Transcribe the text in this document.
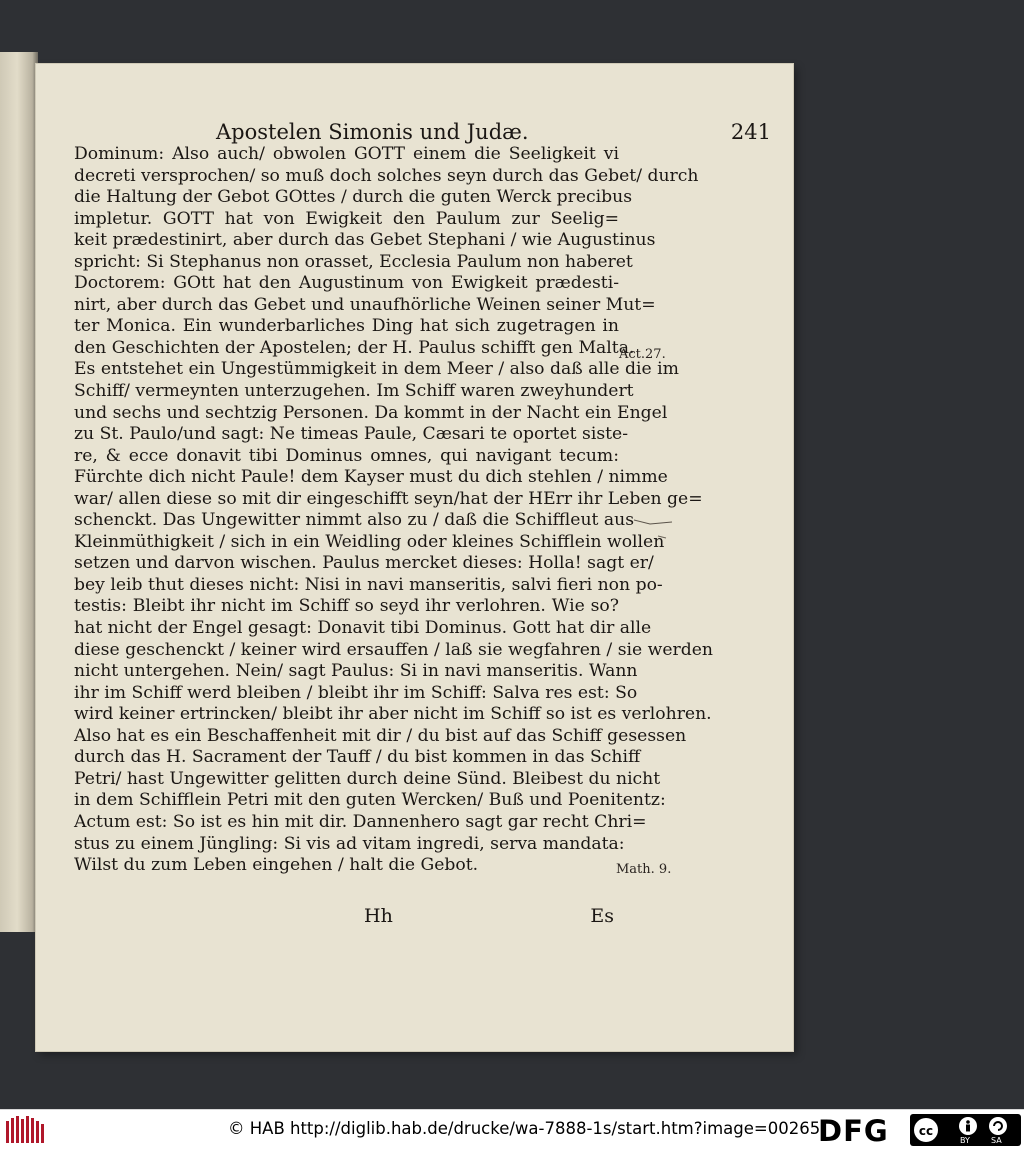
Apostelen Simonis und Judæ.	241
Dominum: Also auch/ obwolen GOTT einem die Seeligkeit vi
decreti versprochen/ so muß doch solches seyn durch das Gebet/ durch
die Haltung der Gebot GOttes / durch die guten Werck precibus
impletur. GOTT hat von Ewigkeit den Paulum zur Seelig=
keit prædestinirt, aber durch das Gebet Stephani / wie Augustinus
spricht: Si Stephanus non orasset, Ecclesia Paulum non haberet
Doctorem: GOtt hat den Augustinum von Ewigkeit prædesti-
nirt, aber durch das Gebet und unaufhörliche Weinen seiner Mut=
ter Monica. Ein wunderbarliches Ding hat sich zugetragen in
den Geschichten der Apostelen; der H. Paulus schifft gen Malta.
Es entstehet ein Ungestümmigkeit in dem Meer / also daß alle die im
Schiff/ vermeynten unterzugehen. Im Schiff waren zweyhundert
und sechs und sechtzig Personen. Da kommt in der Nacht ein Engel
zu St. Paulo/und sagt: Ne timeas Paule, Cæsari te oportet siste-
re, & ecce donavit tibi Dominus omnes, qui navigant tecum:
Fürchte dich nicht Paule! dem Kayser must du dich stehlen / nimme
war/ allen diese so mit dir eingeschifft seyn/hat der HErr ihr Leben ge=
schenckt. Das Ungewitter nimmt also zu / daß die Schiffleut aus
Kleinmüthigkeit / sich in ein Weidling oder kleines Schifflein wollen
setzen und darvon wischen. Paulus mercket dieses: Holla! sagt er/
bey leib thut dieses nicht: Nisi in navi manseritis, salvi fieri non po-
testis: Bleibt ihr nicht im Schiff so seyd ihr verlohren. Wie so?
hat nicht der Engel gesagt: Donavit tibi Dominus. Gott hat dir alle
diese geschenckt / keiner wird ersauffen / laß sie wegfahren / sie werden
nicht untergehen. Nein/ sagt Paulus: Si in navi manseritis. Wann
ihr im Schiff werd bleiben / bleibt ihr im Schiff: Salva res est: So
wird keiner ertrincken/ bleibt ihr aber nicht im Schiff so ist es verlohren.
Also hat es ein Beschaffenheit mit dir / du bist auf das Schiff gesessen
durch das H. Sacrament der Tauff / du bist kommen in das Schiff
Petri/ hast Ungewitter gelitten durch deine Sünd. Bleibest du nicht
in dem Schifflein Petri mit den guten Wercken/ Buß und Poenitentz:
Actum est: So ist es hin mit dir. Dannenhero sagt gar recht Chri=
stus zu einem Jüngling: Si vis ad vitam ingredi, serva mandata:
Wilst du zum Leben eingehen / halt die Gebot.
Act.27.
Math. 9.
Hh	Es
© HAB http://diglib.hab.de/drucke/wa-7888-1s/start.htm?image=00265
DFG	cc
BY	SA
